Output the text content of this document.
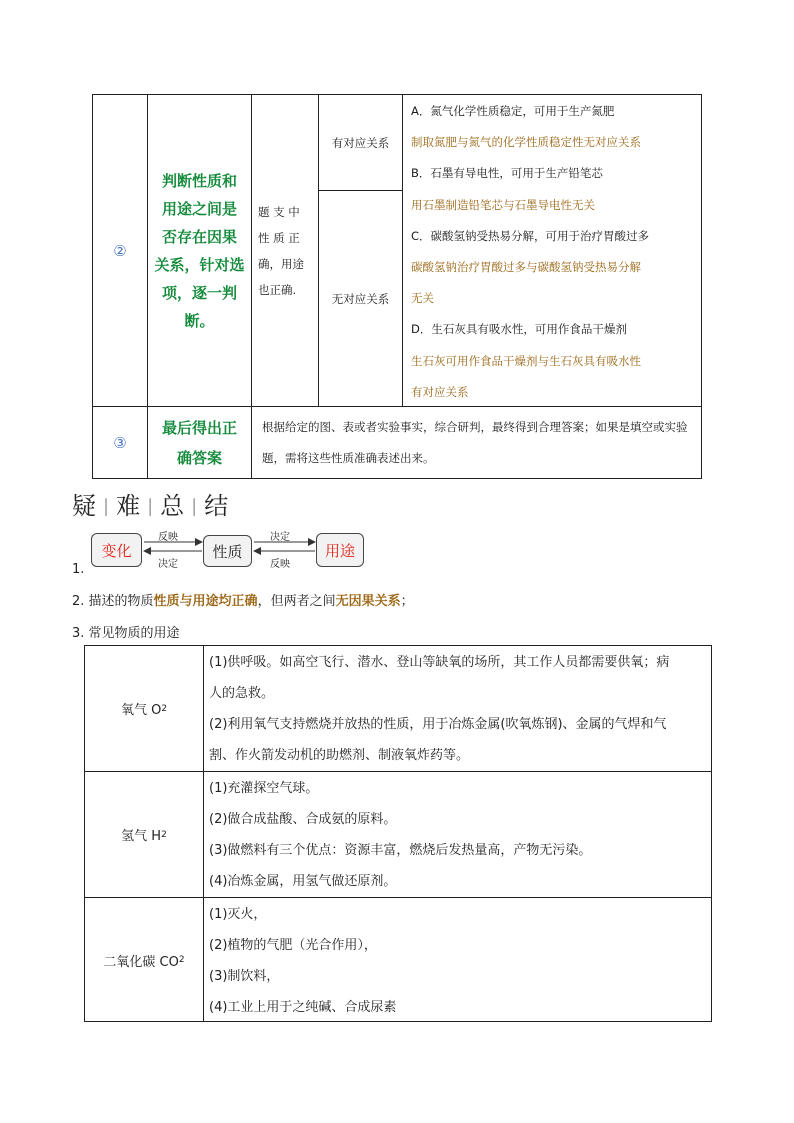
②
判断性质和
用途之间是
否存在因果
关系，针对选
项，逐一判断。
题 支 中
性 质 正
确，用途
也正确.
有对应关系
无对应关系
A．氮气化学性质稳定，可用于生产氮肥
制取氮肥与氮气的化学性质稳定性无对应关系
B．石墨有导电性，可用于生产铅笔芯
用石墨制造铅笔芯与石墨导电性无关
C．碳酸氢钠受热易分解，可用于治疗胃酸过多
碳酸氢钠治疗胃酸过多与碳酸氢钠受热易分解
无关
D．生石灰具有吸水性，可用作食品干燥剂
生石灰可用作食品干燥剂与生石灰具有吸水性
有对应关系
③
最后得出正
确答案
根据给定的图、表或者实验事实，综合研判，最终得到合理答案；如果是填空或实验题，需将这些性质准确表述出来。
疑 | 难 | 总 | 结
1.
变化	性质	用途
反映
决定
决定
反映
2. 描述的物质性质与用途均正确，但两者之间无因果关系；
3. 常见物质的用途
氧气 O 2
(1)供呼吸。如高空飞行、潜水、登山等缺氧的场所，其工作人员都需要供氧；病
人的急救。
(2)利用氧气支持燃烧并放热的性质，用于冶炼金属(吹氧炼钢)、金属的气焊和气
割、作火箭发动机的助燃剂、制液氧炸药等。
氢气 H 2
(1)充灌探空气球。
(2)做合成盐酸、合成氨的原料。
(3)做燃料有三个优点：资源丰富，燃烧后发热量高，产物无污染。
(4)冶炼金属，用氢气做还原剂。
二氧化碳 CO 2
(1)灭火，
(2)植物的气肥（光合作用），
(3)制饮料，
(4)工业上用于之纯碱、合成尿素
